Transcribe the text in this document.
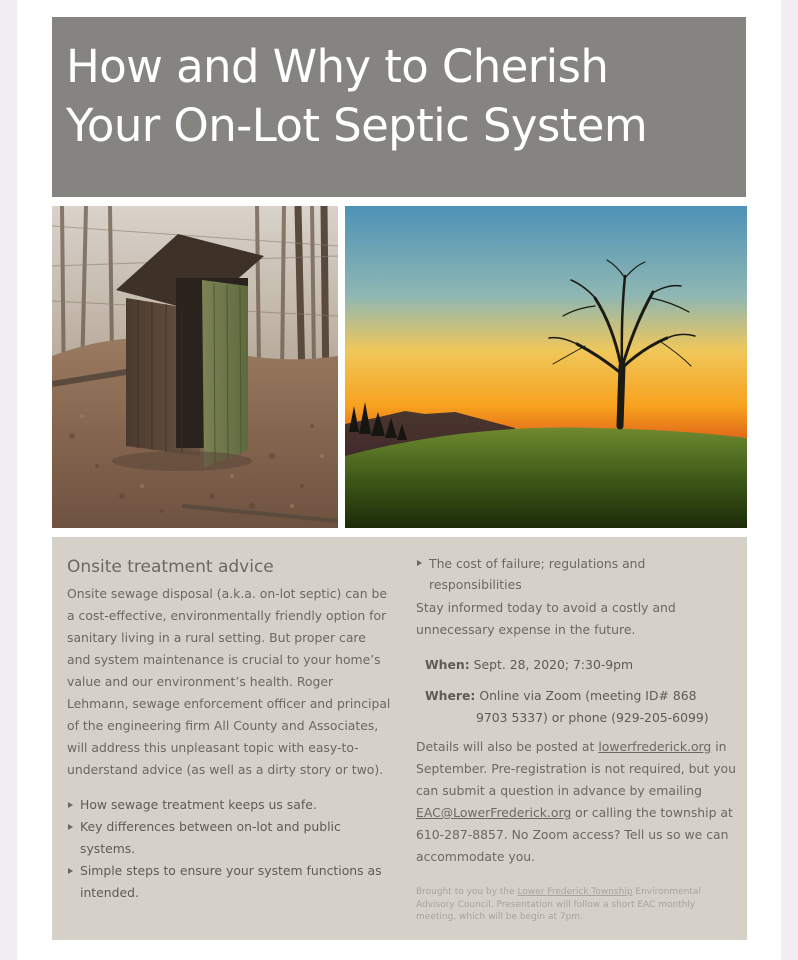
How and Why to Cherish
Your On-Lot Septic System
Onsite treatment advice

Onsite sewage disposal (a.k.a. on-lot septic) can be a cost-effective, environmentally friendly option for sanitary living in a rural setting. But proper care and system maintenance is crucial to your home’s value and our environment’s health. Roger Lehmann, sewage enforcement officer and principal of the engineering firm All County and Associates, will address this unpleasant topic with easy-to-understand advice (as well as a dirty story or two).

How sewage treatment keeps us safe.
Key differences between on-lot and public systems.
Simple steps to ensure your system functions as intended.
The cost of failure; regulations and responsibilities

Stay informed today to avoid a costly and unnecessary expense in the future.

When: Sept. 28, 2020; 7:30-9pm
Where: Online via Zoom (meeting ID# 868
9703 5337) or phone (929-205-6099)

Details will also be posted at lowerfrederick.org in September. Pre-registration is not required, but you can submit a question in advance by emailing EAC@LowerFrederick.org or calling the township at 610-287-8857. No Zoom access? Tell us so we can accommodate you.

Brought to you by the Lower Frederick Township Environmental Advisory Council. Presentation will follow a short EAC monthly meeting, which will be begin at 7pm.
